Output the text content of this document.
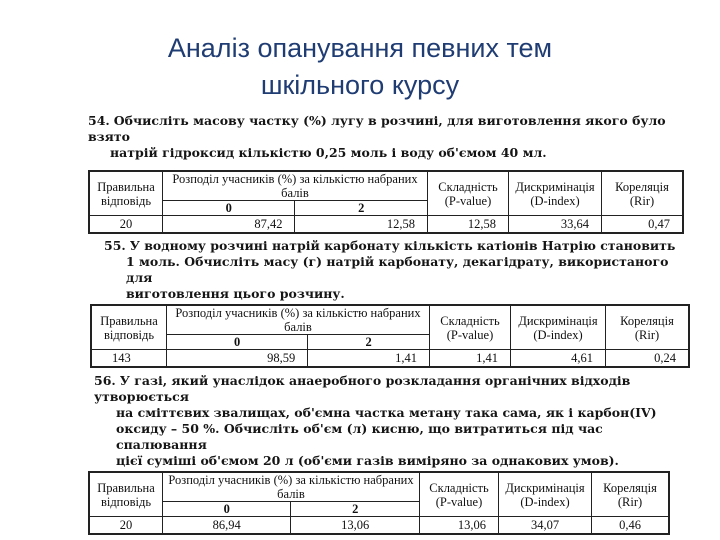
Аналіз опанування певних тем
шкільного курсу
54. Обчисліть масову частку (%) лугу в розчині, для виготовлення якого було взято
натрій гідроксид кількістю 0,25 моль і воду об'ємом 40 мл.
Правильна відповідь	Розподіл учасників (%) за кількістю набраних балів		Складність (P-value)	Дискримінація (D-index)	Кореляція (Rir)
	0	2			
20	87,42	12,58	12,58	33,64	0,47
55. У водному розчині натрій карбонату кількість катіонів Натрію становить
1 моль. Обчисліть масу (г) натрій карбонату, декагідрату, використаного для
виготовлення цього розчину.
Правильна відповідь	Розподіл учасників (%) за кількістю набраних балів		Складність (P-value)	Дискримінація (D-index)	Кореляція (Rir)
	0	2			
143	98,59	1,41	1,41	4,61	0,24
56. У газі, який унаслідок анаеробного розкладання органічних відходів утворюється
на сміттєвих звалищах, об'ємна частка метану така сама, як і карбон(IV)
оксиду – 50 %. Обчисліть об'єм (л) кисню, що витратиться під час спалювання
цієї суміші об'ємом 20 л (об'єми газів виміряно за однакових умов).
Правильна відповідь	Розподіл учасників (%) за кількістю набраних балів		Складність (P-value)	Дискримінація (D-index)	Кореляція (Rir)
	0	2			
20	86,94	13,06	13,06	34,07	0,46
